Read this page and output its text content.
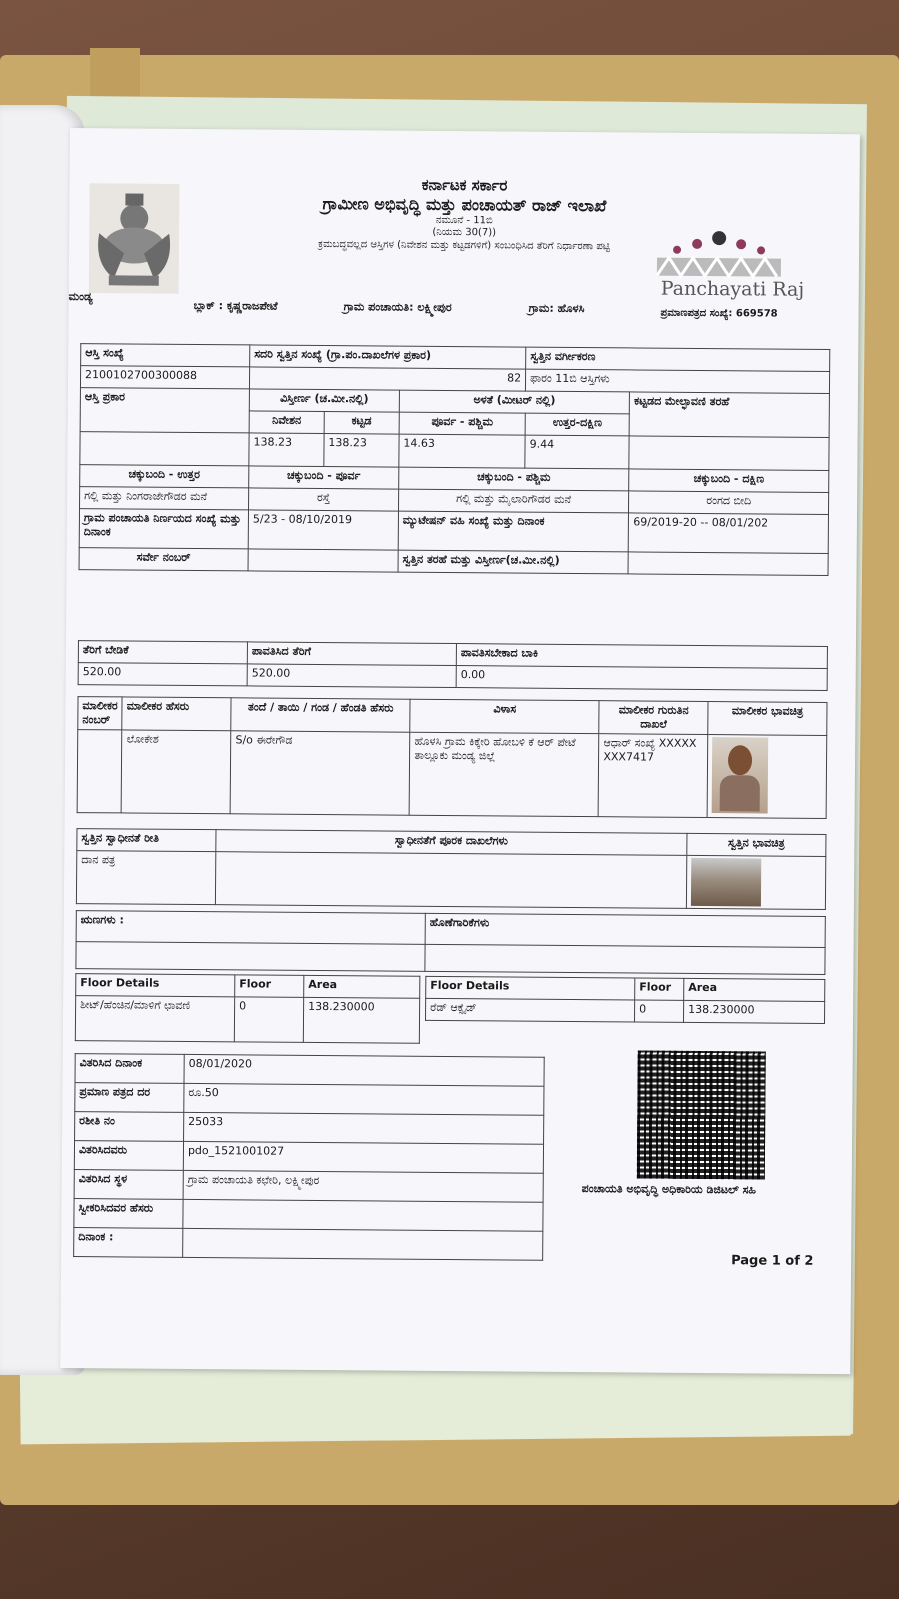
ಮಂಡ್ಯ
ಕರ್ನಾಟಕ ಸರ್ಕಾರ
ಗ್ರಾಮೀಣ ಅಭಿವೃದ್ಧಿ ಮತ್ತು ಪಂಚಾಯತ್ ರಾಜ್ ಇಲಾಖೆ
ನಮೂನೆ - 11ಬಿ
(ನಿಯಮ 30(7))
ಕ್ರಮಬದ್ಧವಲ್ಲದ ಆಸ್ತಿಗಳ (ನಿವೇಶನ ಮತ್ತು ಕಟ್ಟಡಗಳಿಗೆ) ಸಂಬಂಧಿಸಿದ ತೆರಿಗೆ ನಿರ್ಧಾರಣಾ ಪಟ್ಟಿ
Panchayati Raj
ಪ್ರಮಾಣಪತ್ರದ ಸಂಖ್ಯೆ: 669578
ಬ್ಲಾಕ್ : ಕೃಷ್ಣರಾಜಪೇಟೆ	ಗ್ರಾಮ ಪಂಚಾಯತಿ: ಲಕ್ಷ್ಮೀಪುರ	ಗ್ರಾಮ: ಹೊಳಸಿ
ಆಸ್ತಿ ಸಂಖ್ಯೆ	ಸದರಿ ಸ್ವತ್ತಿನ ಸಂಖ್ಯೆ (ಗ್ರಾ.ಪಂ.ದಾಖಲೆಗಳ ಪ್ರಕಾರ)			ಸ್ವತ್ತಿನ ವರ್ಗೀಕರಣ	
2100102700300088	82			ಫಾರಂ 11ಬಿ ಆಸ್ತಿಗಳು	
ಆಸ್ತಿ ಪ್ರಕಾರ	ವಿಸ್ತೀರ್ಣ (ಚ.ಮೀ.ನಲ್ಲಿ)		ಅಳತೆ (ಮೀಟರ್ ನಲ್ಲಿ)		ಕಟ್ಟಡದ ಮೇಲ್ಛಾವಣಿ ತರಹೆ
	ನಿವೇಶನ	ಕಟ್ಟಡ	ಪೂರ್ವ - ಪಶ್ಚಿಮ	ಉತ್ತರ-ದಕ್ಷಿಣ	
	138.23	138.23	14.63	9.44	
ಚಕ್ಕುಬಂದಿ - ಉತ್ತರ	ಚಕ್ಕುಬಂದಿ - ಪೂರ್ವ		ಚಕ್ಕುಬಂದಿ - ಪಶ್ಚಿಮ		ಚಕ್ಕುಬಂದಿ - ದಕ್ಷಿಣ
ಗಲ್ಲಿ ಮತ್ತು ನಿಂಗರಾಜೇಗೌಡರ ಮನೆ	ರಸ್ತೆ		ಗಲ್ಲಿ ಮತ್ತು ಮೈಲಾರಿಗೌಡರ ಮನೆ		ರಂಗದ ಬೀದಿ
ಗ್ರಾಮ ಪಂಚಾಯತಿ ನಿರ್ಣಯದ ಸಂಖ್ಯೆ ಮತ್ತು ದಿನಾಂಕ	5/23 - 08/10/2019		ಮ್ಯುಟೇಷನ್ ವಹಿ ಸಂಖ್ಯೆ ಮತ್ತು ದಿನಾಂಕ		69/2019-20 -- 08/01/202
ಸರ್ವೇ ನಂಬರ್			ಸ್ವತ್ತಿನ ತರಹೆ ಮತ್ತು ವಿಸ್ತೀರ್ಣ(ಚ.ಮೀ.ನಲ್ಲಿ)		
ತೆರಿಗೆ ಬೇಡಿಕೆ	ಪಾವತಿಸಿದ ತೆರಿಗೆ	ಪಾವತಿಸಬೇಕಾದ ಬಾಕಿ
520.00	520.00	0.00
ಮಾಲೀಕರ ನಂಬರ್	ಮಾಲೀಕರ ಹೆಸರು	ತಂದೆ / ತಾಯಿ / ಗಂಡ / ಹೆಂಡತಿ ಹೆಸರು	ವಿಳಾಸ	ಮಾಲೀಕರ ಗುರುತಿನ ದಾಖಲೆ	ಮಾಲೀಕರ ಭಾವಚಿತ್ರ
	ಲೋಕೇಶ	S/o ಈರೇಗೌಡ	ಹೊಳಸಿ ಗ್ರಾಮ ಕಿಕ್ಕೇರಿ ಹೋಬಳಿ ಕೆ ಆರ್ ಪೇಟೆ ತಾಲ್ಲೂಕು ಮಂಡ್ಯ ಜಿಲ್ಲೆ	ಆಧಾರ್ ಸಂಖ್ಯೆ XXXXXXXX7417	
ಸ್ವತ್ತಿನ ಸ್ವಾಧೀನತೆ ರೀತಿ	ಸ್ವಾಧೀನತೆಗೆ ಪೂರಕ ದಾಖಲೆಗಳು	ಸ್ವತ್ತಿನ ಭಾವಚಿತ್ರ
ದಾನ ಪತ್ರ		
ಋಣಗಳು :	ಹೊಣೆಗಾರಿಕೆಗಳು

Floor Details	Floor	Area
ಶೀಟ್/ಹೆಂಚಿನ/ಮಾಳಿಗೆ ಛಾವಣಿ	0	138.230000
Floor Details	Floor	Area
ರೆಡ್ ಆಕ್ಸೈಡ್	0	138.230000
ವಿತರಿಸಿದ ದಿನಾಂಕ	08/01/2020
ಪ್ರಮಾಣ ಪತ್ರದ ದರ	ರೂ.50
ರಶೀತಿ ನಂ	25033
ವಿತರಿಸಿದವರು	pdo_1521001027
ವಿತರಿಸಿದ ಸ್ಥಳ	ಗ್ರಾಮ ಪಂಚಾಯತಿ ಕಛೇರಿ, ಲಕ್ಷ್ಮೀಪುರ
ಸ್ವೀಕರಿಸಿದವರ ಹೆಸರು	
ದಿನಾಂಕ :	
ಪಂಚಾಯತಿ ಅಭಿವೃದ್ಧಿ ಅಧಿಕಾರಿಯ ಡಿಜಿಟಲ್ ಸಹಿ
Page 1 of 2
